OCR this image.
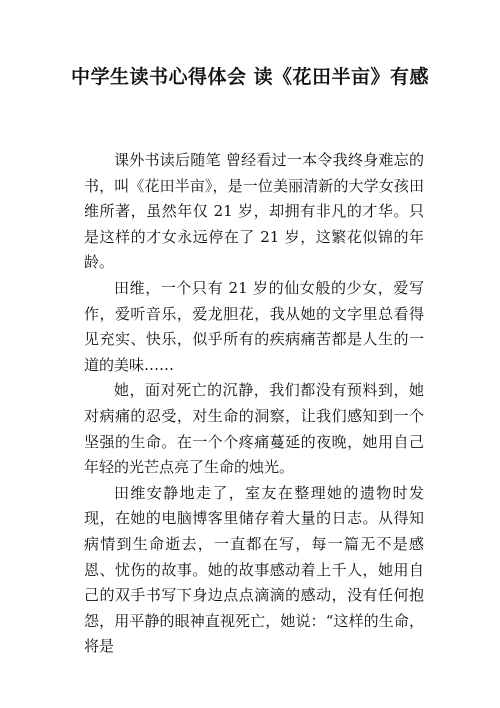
中学生读书心得体会 读《花田半亩》有感

课外书读后随笔 曾经看过一本令我终身难忘的书，叫《花田半亩》，是一位美丽清新的大学女孩田维所著，虽然年仅 21 岁，却拥有非凡的才华。只是这样的才女永远停在了 21 岁，这繁花似锦的年龄。

田维，一个只有 21 岁的仙女般的少女，爱写作，爱听音乐，爱龙胆花，我从她的文字里总看得见充实、快乐，似乎所有的疾病痛苦都是人生的一道的美味……

她，面对死亡的沉静，我们都没有预料到，她对病痛的忍受，对生命的洞察，让我们感知到一个坚强的生命。在一个个疼痛蔓延的夜晚，她用自己年轻的光芒点亮了生命的烛光。

田维安静地走了，室友在整理她的遗物时发现，在她的电脑博客里储存着大量的日志。从得知病情到生命逝去，一直都在写，每一篇无不是感恩、忧伤的故事。她的故事感动着上千人，她用自己的双手书写下身边点点滴滴的感动，没有任何抱怨，用平静的眼神直视死亡，她说：“这样的生命，将是
